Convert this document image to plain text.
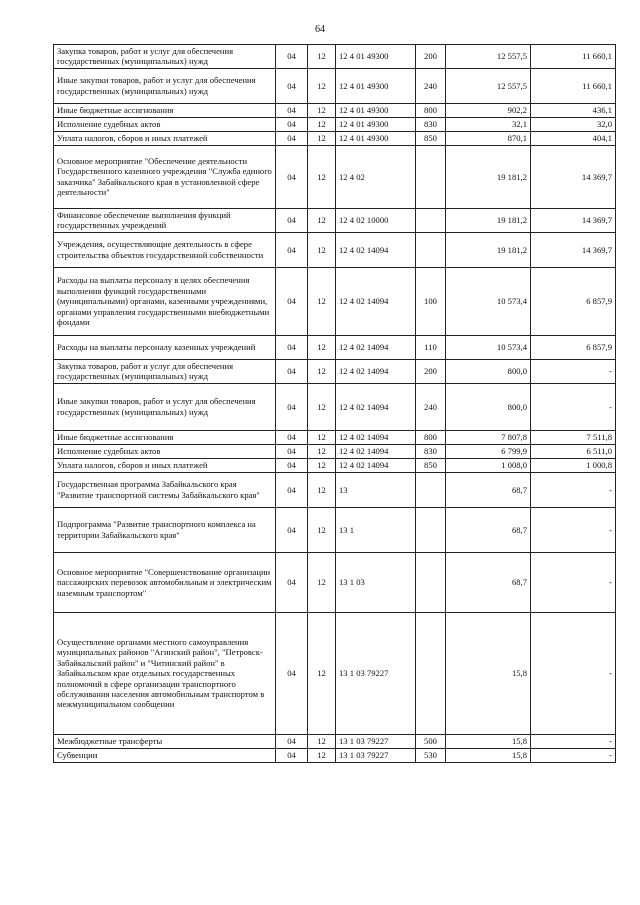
64
Закупка товаров, работ и услуг для обеспечения государственных (муниципальных) нужд	04	12	12 4 01 49300	200	12 557,5	11 660,1
Иные закупки товаров, работ и услуг для обеспечения государственных (муниципальных) нужд	04	12	12 4 01 49300	240	12 557,5	11 660,1
Иные бюджетные ассигнования	04	12	12 4 01 49300	800	902,2	436,1
Исполнение судебных актов	04	12	12 4 01 49300	830	32,1	32,0
Уплата налогов, сборов и иных платежей	04	12	12 4 01 49300	850	870,1	404,1
Основное мероприятие "Обеспечение деятельности Государственного казенного учреждения "Служба единого заказчика" Забайкальского края в установленной сфере деятельности"	04	12	12 4 02		19 181,2	14 369,7
Финансовое обеспечение выполнения функций государственных учреждений	04	12	12 4 02 10000		19 181,2	14 369,7
Учреждения, осуществляющие деятельность в сфере строительства объектов государственной собственности	04	12	12 4 02 14094		19 181,2	14 369,7
Расходы на выплаты персоналу в целях обеспечения выполнения функций государственными (муниципальными) органами, казенными учреждениями, органами управления государственными внебюджетными фондами	04	12	12 4 02 14094	100	10 573,4	6 857,9
Расходы на выплаты персоналу казенных учреждений	04	12	12 4 02 14094	110	10 573,4	6 857,9
Закупка товаров, работ и услуг для обеспечения государственных (муниципальных) нужд	04	12	12 4 02 14094	200	800,0	-
Иные закупки товаров, работ и услуг для обеспечения государственных (муниципальных) нужд	04	12	12 4 02 14094	240	800,0	-
Иные бюджетные ассигнования	04	12	12 4 02 14094	800	7 807,8	7 511,8
Исполнение судебных актов	04	12	12 4 02 14094	830	6 799,9	6 511,0
Уплата налогов, сборов и иных платежей	04	12	12 4 02 14094	850	1 008,0	1 000,8
Государственная программа Забайкальского края "Развитие транспортной системы Забайкальского края"	04	12	13		68,7	-
Подпрограмма "Развитие транспортного комплекса на территории Забайкальского края"	04	12	13 1		68,7	-
Основное мероприятие "Совершенствование организации пассажирских перевозок автомобильным и электрическим наземным транспортом"	04	12	13 1 03		68,7	-
Осуществление органами местного самоуправления муниципальных районов "Агинский район", "Петровск-Забайкальский район" и "Читинский район" в Забайкальском крае отдельных государственных полномочий в сфере организации транспортного обслуживания населения автомобильным транспортом в межмуниципальном сообщении	04	12	13 1 03 79227		15,8	-
Межбюджетные трансферты	04	12	13 1 03 79227	500	15,8	-
Субвенции	04	12	13 1 03 79227	530	15,8	-
